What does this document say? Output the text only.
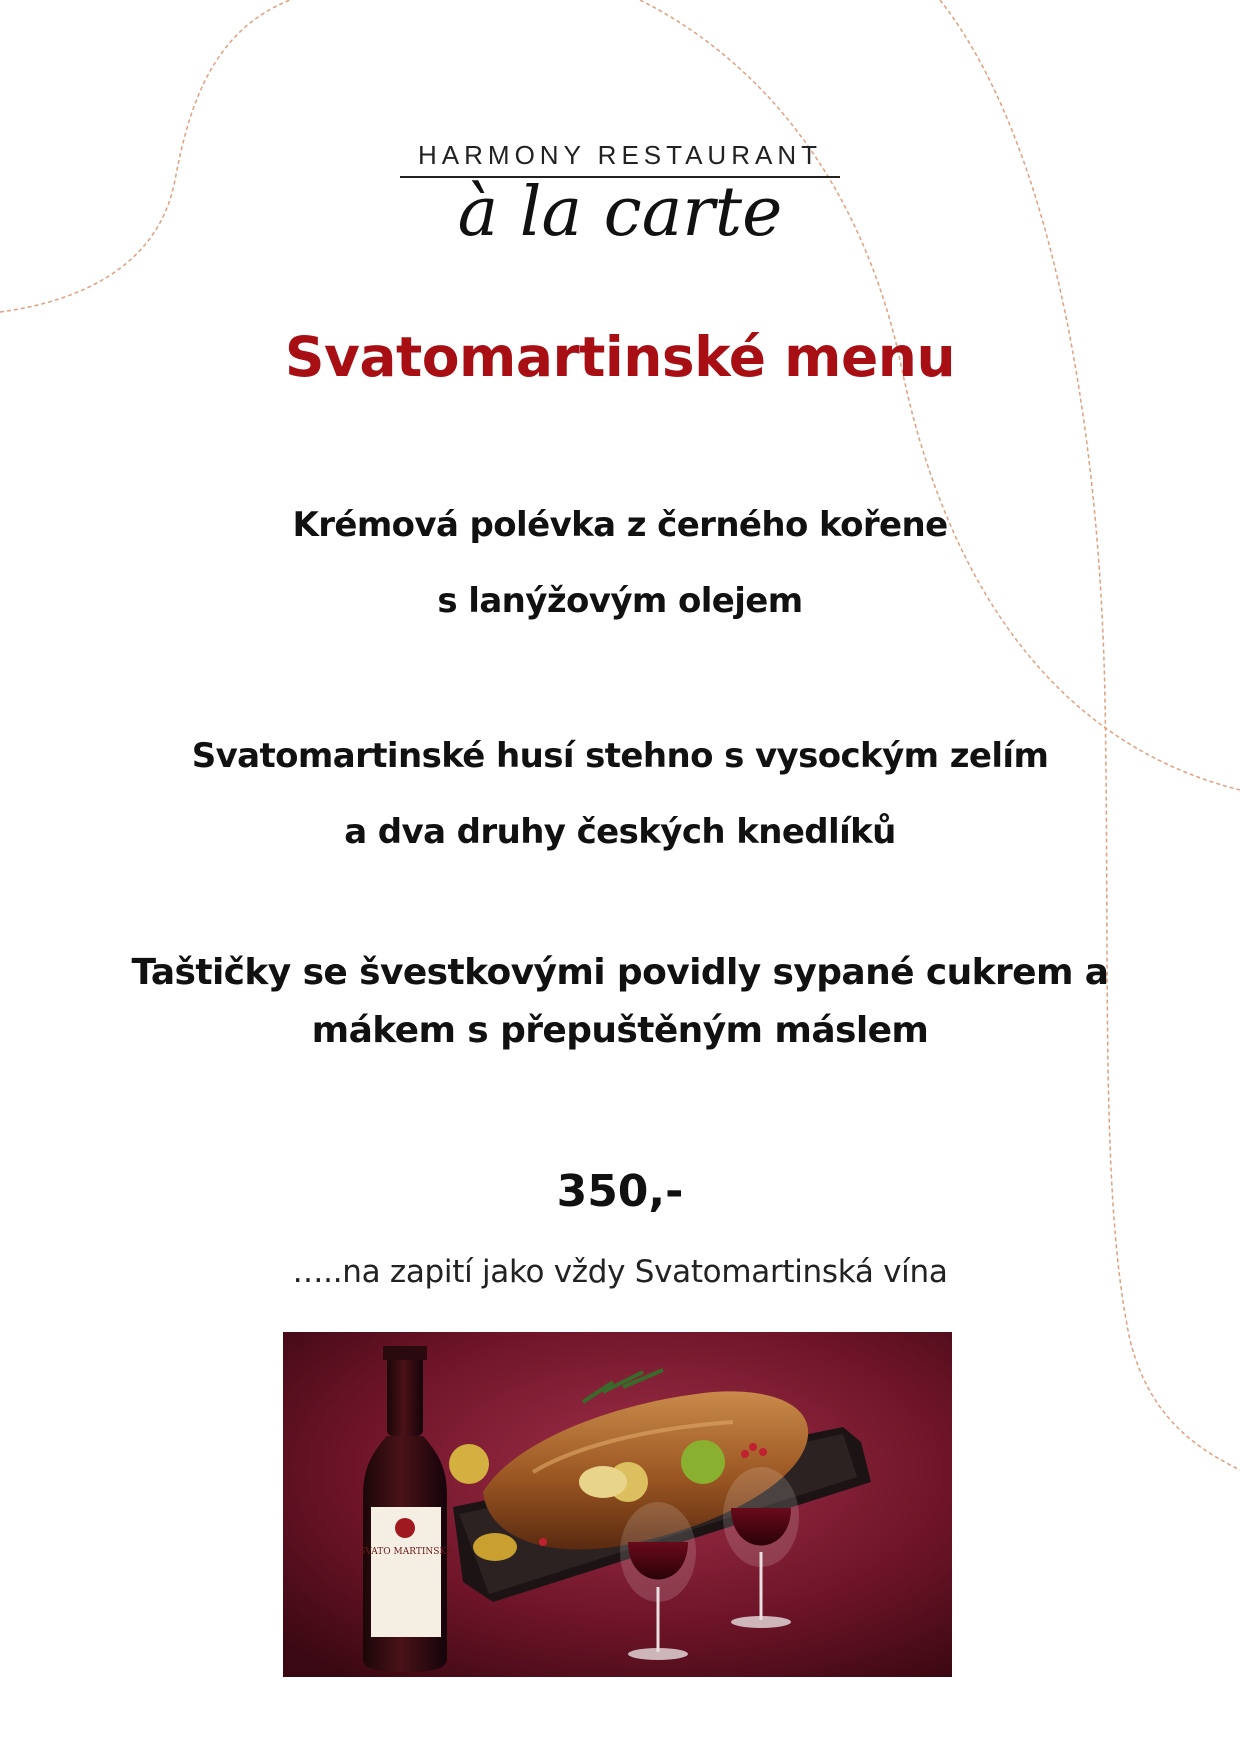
HARMONY RESTAURANT
à la carte
Svatomartinské menu
Krémová polévka z černého kořene
s lanýžovým olejem
Svatomartinské husí stehno s vysockým zelím
a dva druhy českých knedlíků
Taštičky se švestkovými povidly sypané cukrem a
mákem s přepuštěným máslem
350,-
…..na zapití jako vždy Svatomartinská vína
SVATO MARTINSKÉ
